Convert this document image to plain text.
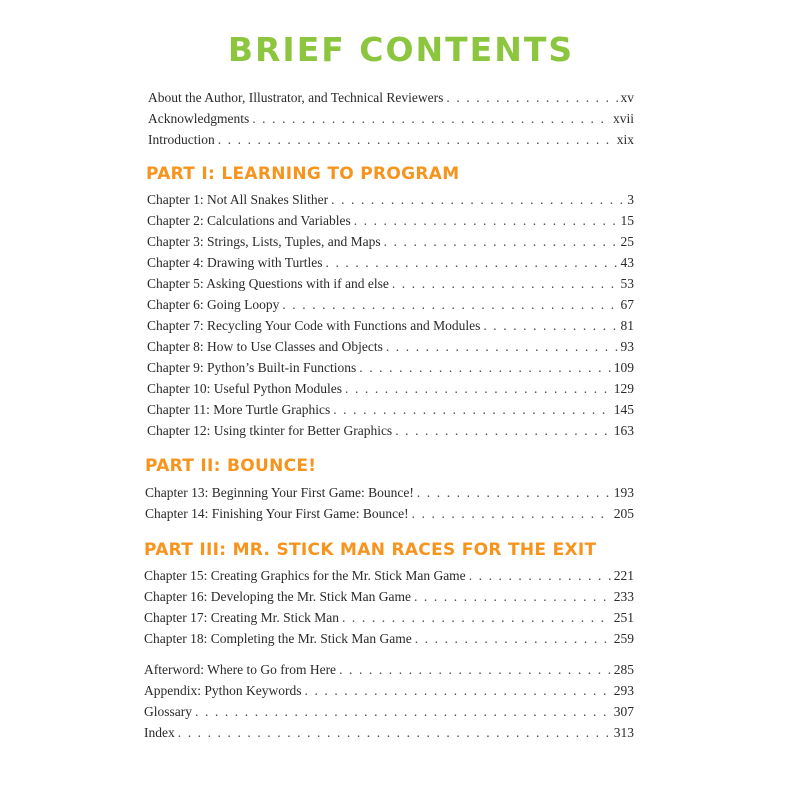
BRIEF CONTENTS
About the Author, Illustrator, and Technical Reviewers . . .	xv
Acknowledgments . . .	xvii
Introduction . . .	xix
PART I: LEARNING TO PROGRAM
Chapter 1: Not All Snakes Slither . . .	3
Chapter 2: Calculations and Variables . . .	15
Chapter 3: Strings, Lists, Tuples, and Maps . . .	25
Chapter 4: Drawing with Turtles . . .	43
Chapter 5: Asking Questions with if and else . . .	53
Chapter 6: Going Loopy . . .	67
Chapter 7: Recycling Your Code with Functions and Modules . . .	81
Chapter 8: How to Use Classes and Objects . . .	93
Chapter 9: Python’s Built-in Functions . . .	109
Chapter 10: Useful Python Modules . . .	129
Chapter 11: More Turtle Graphics . . .	145
Chapter 12: Using tkinter for Better Graphics . . .	163
PART II: BOUNCE!
Chapter 13: Beginning Your First Game: Bounce! . . .	193
Chapter 14: Finishing Your First Game: Bounce! . . .	205
PART III: MR. STICK MAN RACES FOR THE EXIT
Chapter 15: Creating Graphics for the Mr. Stick Man Game . . .	221
Chapter 16: Developing the Mr. Stick Man Game . . .	233
Chapter 17: Creating Mr. Stick Man . . .	251
Chapter 18: Completing the Mr. Stick Man Game . . .	259
Afterword: Where to Go from Here . . .	285
Appendix: Python Keywords . . .	293
Glossary . . .	307
Index . . .	313
